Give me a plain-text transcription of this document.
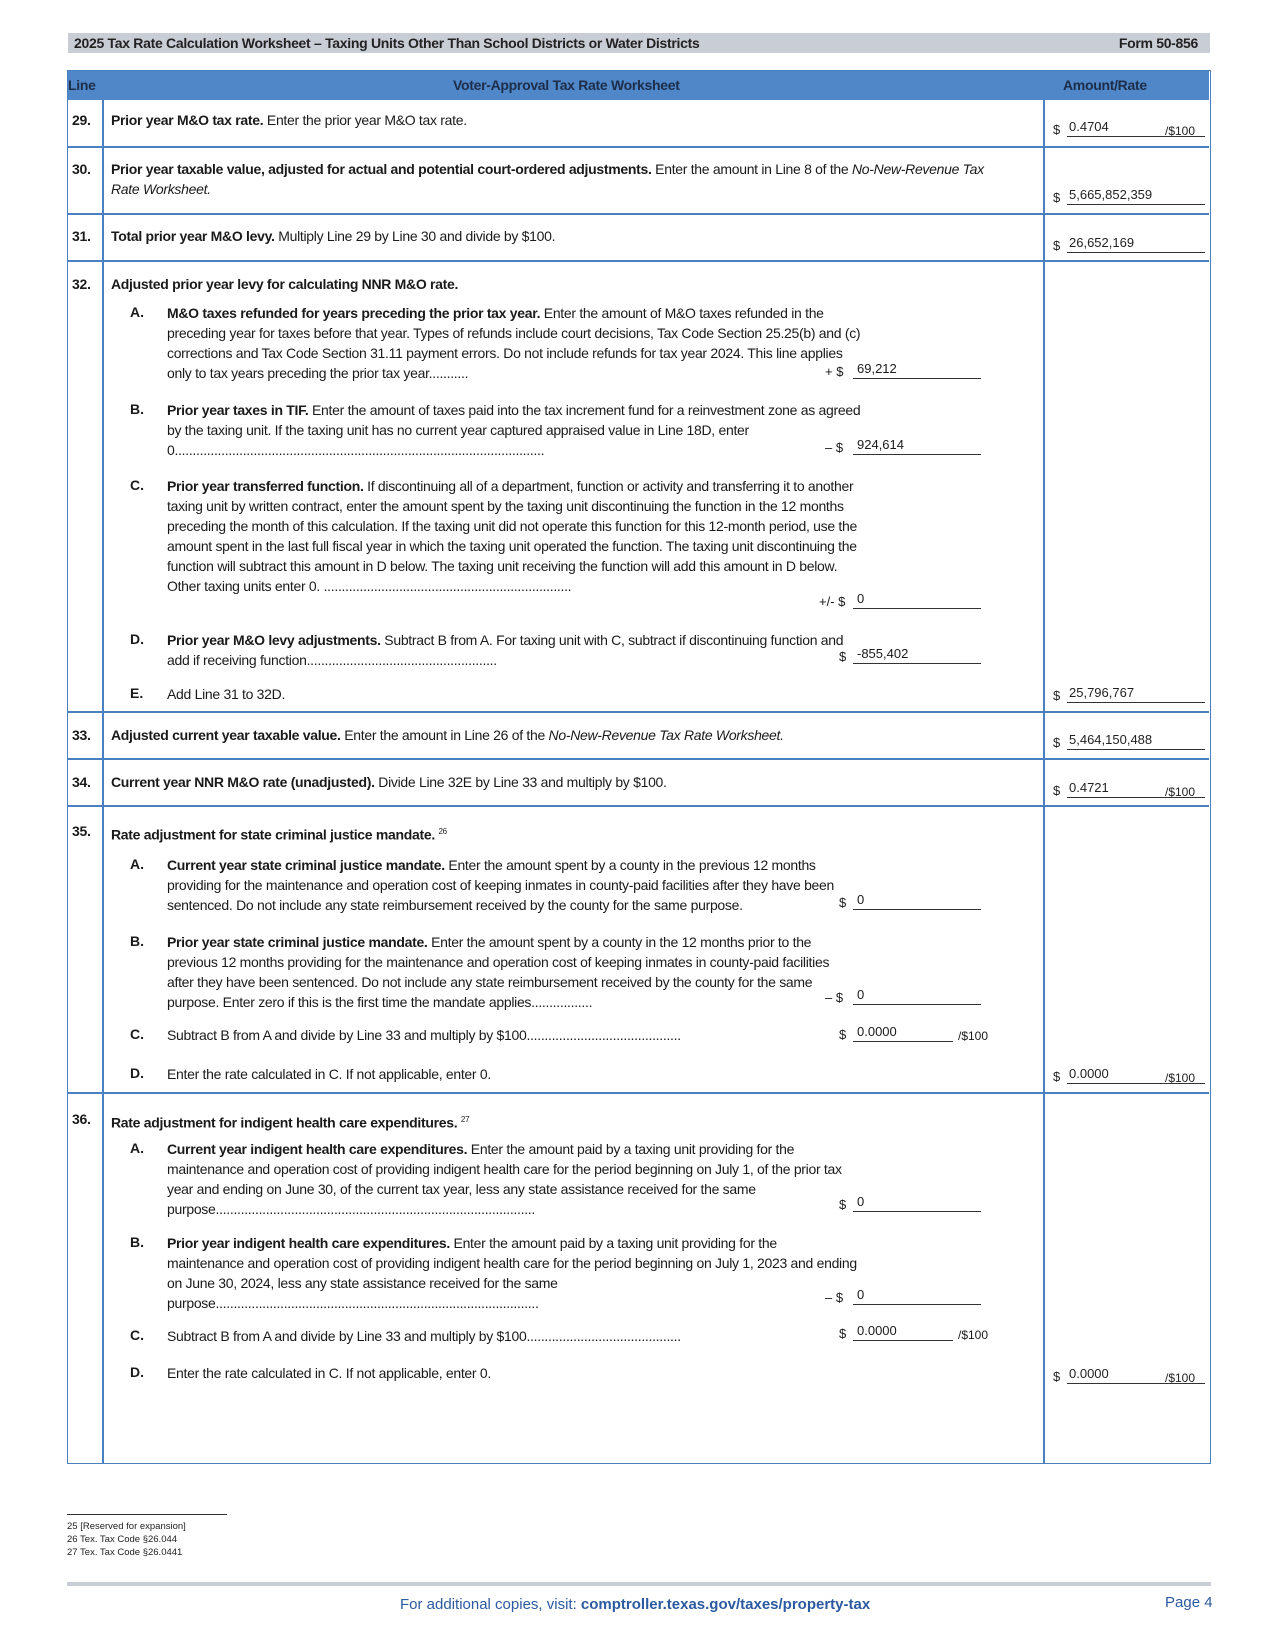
2025 Tax Rate Calculation Worksheet – Taxing Units Other Than School Districts or Water Districts	Form 50-856
Line	Voter-Approval Tax Rate Worksheet	Amount/Rate
29. Prior year M&O tax rate. Enter the prior year M&O tax rate.
$ 0.4704	/$100
30. Prior year taxable value, adjusted for actual and potential court-ordered adjustments. Enter the amount in Line 8 of the No-New-Revenue Tax Rate Worksheet.
$ 5,665,852,359
31. Total prior year M&O levy. Multiply Line 29 by Line 30 and divide by $100.
$ 26,652,169
32. Adjusted prior year levy for calculating NNR M&O rate.
A. M&O taxes refunded for years preceding the prior tax year. Enter the amount of M&O taxes refunded in the preceding year for taxes before that year. Types of refunds include court decisions, Tax Code Section 25.25(b) and (c) corrections and Tax Code Section 31.11 payment errors. Do not include refunds for tax year 2024. This line applies only to tax years preceding the prior tax year...........	+ $	69,212
B. Prior year taxes in TIF. Enter the amount of taxes paid into the tax increment fund for a reinvestment zone as agreed by the taxing unit. If the taxing unit has no current year captured appraised value in Line 18D, enter 0.......................................................................................................	– $	924,614
C. Prior year transferred function. If discontinuing all of a department, function or activity and transferring it to another taxing unit by written contract, enter the amount spent by the taxing unit discontinuing the function in the 12 months preceding the month of this calculation. If the taxing unit did not operate this function for this 12-month period, use the amount spent in the last full fiscal year in which the taxing unit operated the function. The taxing unit discontinuing the function will subtract this amount in D below. The taxing unit receiving the function will add this amount in D below. Other taxing units enter 0. .....................................................................
+/- $ 0
D. Prior year M&O levy adjustments. Subtract B from A. For taxing unit with C, subtract if discontinuing function and add if receiving function.....................................................	$ -855,402
E. Add Line 31 to 32D.	$ 25,796,767
33. Adjusted current year taxable value. Enter the amount in Line 26 of the No-New-Revenue Tax Rate Worksheet.	$ 5,464,150,488
34. Current year NNR M&O rate (unadjusted). Divide Line 32E by Line 33 and multiply by $100.
$ 0.4721	/$100
35. Rate adjustment for state criminal justice mandate. $^{26}$
A. Current year state criminal justice mandate. Enter the amount spent by a county in the previous 12 months providing for the maintenance and operation cost of keeping inmates in county-paid facilities after they have been sentenced. Do not include any state reimbursement received by the county for the same purpose.	$ 0
B. Prior year state criminal justice mandate. Enter the amount spent by a county in the 12 months prior to the previous 12 months providing for the maintenance and operation cost of keeping inmates in county-paid facilities after they have been sentenced. Do not include any state reimbursement received by the county for the same purpose. Enter zero if this is the first time the mandate applies.................	– $	0
C. Subtract B from A and divide by Line 33 and multiply by $100...........................................	$ 0.0000	/$100
D. Enter the rate calculated in C. If not applicable, enter 0.	$ 0.0000	/$100
36. Rate adjustment for indigent health care expenditures. $^{27}$
A. Current year indigent health care expenditures. Enter the amount paid by a taxing unit providing for the maintenance and operation cost of providing indigent health care for the period beginning on July 1, of the prior tax year and ending on June 30, of the current tax year, less any state assistance received for the same purpose.........................................................................................	$ 0
B. Prior year indigent health care expenditures. Enter the amount paid by a taxing unit providing for the maintenance and operation cost of providing indigent health care for the period beginning on July 1, 2023 and ending on June 30, 2024, less any state assistance received for the same purpose..........................................................................................	– $	0
C. Subtract B from A and divide by Line 33 and multiply by $100...........................................	$ 0.0000	/$100
D. Enter the rate calculated in C. If not applicable, enter 0.	$ 0.0000	/$100
25 [Reserved for expansion]
26 Tex. Tax Code §26.044
27 Tex. Tax Code §26.0441
For additional copies, visit: comptroller.texas.gov/taxes/property-tax	Page 4
